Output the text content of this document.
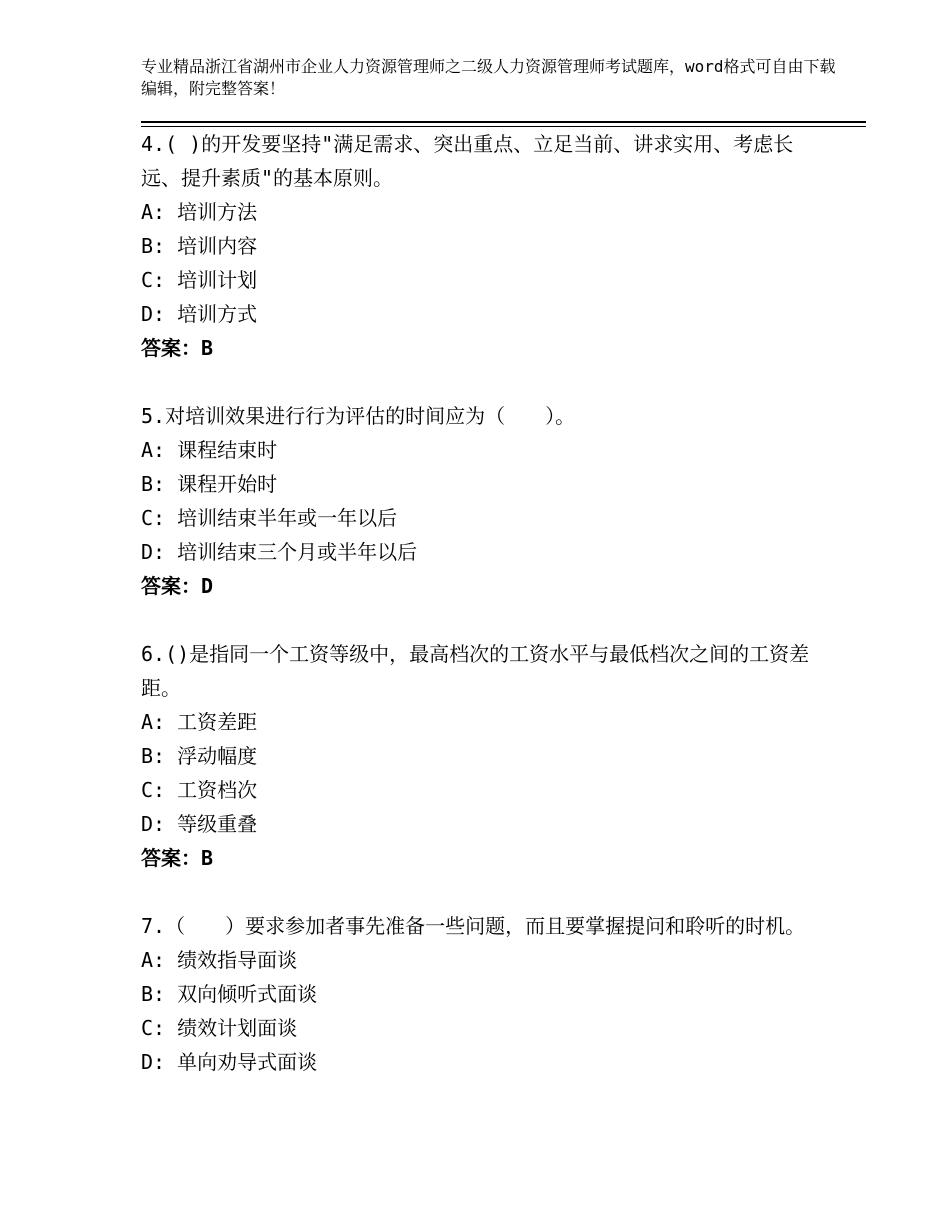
专业精品浙江省湖州市企业人力资源管理师之二级人力资源管理师考试题库，word格式可自由下载编辑，附完整答案！
4.( )的开发要坚持"满足需求、突出重点、立足当前、讲求实用、考虑长远、提升素质"的基本原则。
A: 培训方法
B: 培训内容
C: 培训计划
D: 培训方式
答案：B
5.对培训效果进行行为评估的时间应为（　　）。
A: 课程结束时
B: 课程开始时
C: 培训结束半年或一年以后
D: 培训结束三个月或半年以后
答案：D
6.()是指同一个工资等级中，最高档次的工资水平与最低档次之间的工资差距。
A: 工资差距
B: 浮动幅度
C: 工资档次
D: 等级重叠
答案：B
7.（　　）要求参加者事先准备一些问题，而且要掌握提问和聆听的时机。
A: 绩效指导面谈
B: 双向倾听式面谈
C: 绩效计划面谈
D: 单向劝导式面谈
